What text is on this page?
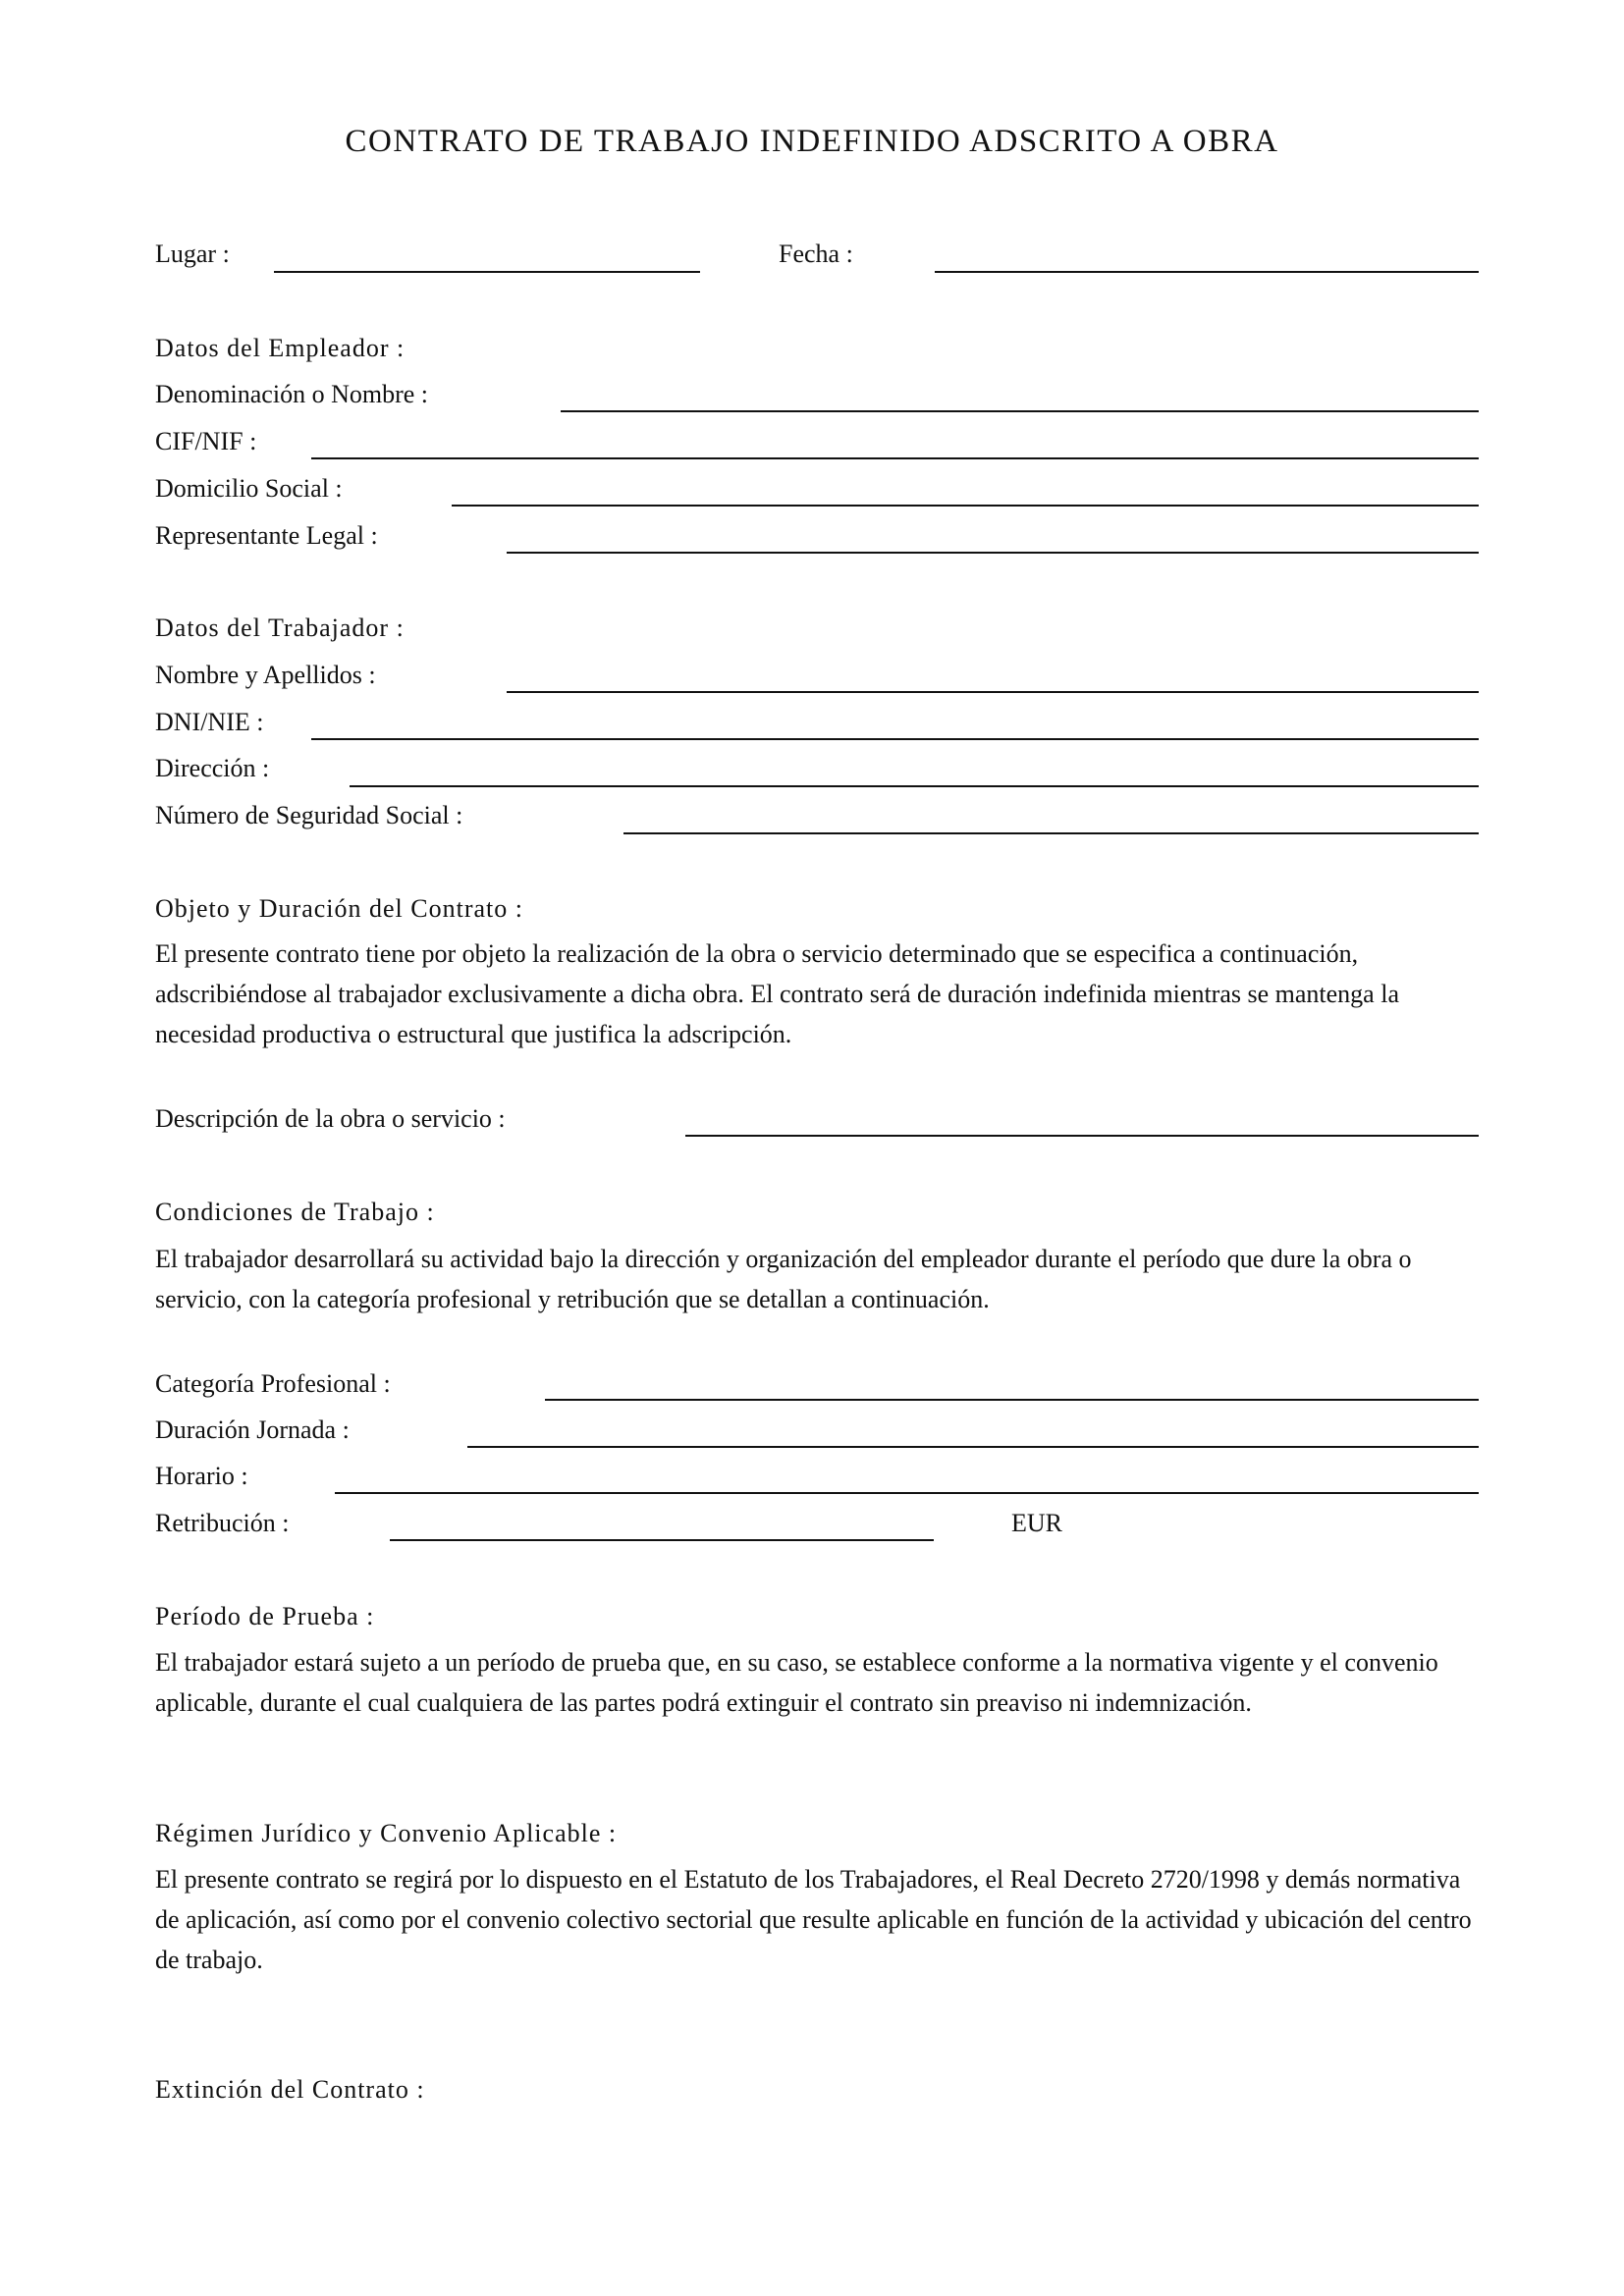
CONTRATO DE TRABAJO INDEFINIDO ADSCRITO A OBRA
Lugar :	Fecha :
Datos del Empleador :
Denominación o Nombre :
CIF/NIF :
Domicilio Social :
Representante Legal :
Datos del Trabajador :
Nombre y Apellidos :
DNI/NIE :
Dirección :
Número de Seguridad Social :
Objeto y Duración del Contrato :
El presente contrato tiene por objeto la realización de la obra o servicio determinado que se especifica a continuación, adscribiéndose al trabajador exclusivamente a dicha obra. El contrato será de duración indefinida mientras se mantenga la necesidad productiva o estructural que justifica la adscripción.
Descripción de la obra o servicio :
Condiciones de Trabajo :
El trabajador desarrollará su actividad bajo la dirección y organización del empleador durante el período que dure la obra o servicio, con la categoría profesional y retribución que se detallan a continuación.
Categoría Profesional :
Duración Jornada :
Horario :
Retribución :	EUR
Período de Prueba :
El trabajador estará sujeto a un período de prueba que, en su caso, se establece conforme a la normativa vigente y el convenio aplicable, durante el cual cualquiera de las partes podrá extinguir el contrato sin preaviso ni indemnización.
Régimen Jurídico y Convenio Aplicable :
El presente contrato se regirá por lo dispuesto en el Estatuto de los Trabajadores, el Real Decreto 2720/1998 y demás normativa de aplicación, así como por el convenio colectivo sectorial que resulte aplicable en función de la actividad y ubicación del centro de trabajo.
Extinción del Contrato :
